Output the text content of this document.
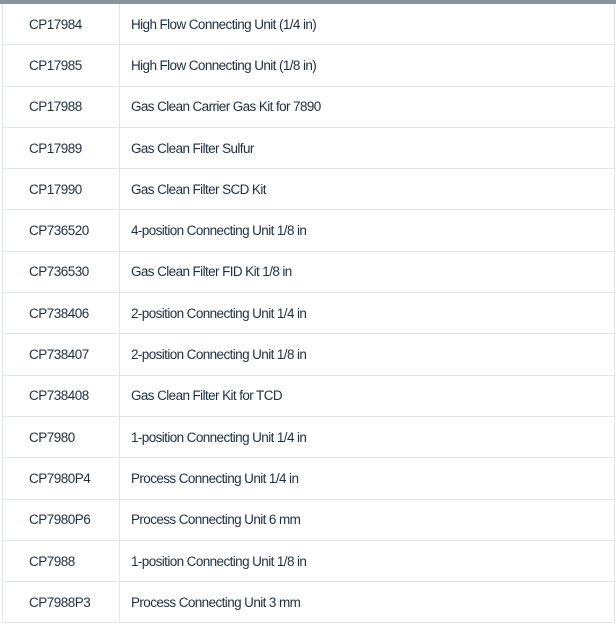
CP17984	High Flow Connecting Unit (1/4 in)
CP17985	High Flow Connecting Unit (1/8 in)
CP17988	Gas Clean Carrier Gas Kit for 7890
CP17989	Gas Clean Filter Sulfur
CP17990	Gas Clean Filter SCD Kit
CP736520	4-position Connecting Unit 1/8 in
CP736530	Gas Clean Filter FID Kit 1/8 in
CP738406	2-position Connecting Unit 1/4 in
CP738407	2-position Connecting Unit 1/8 in
CP738408	Gas Clean Filter Kit for TCD
CP7980	1-position Connecting Unit 1/4 in
CP7980P4	Process Connecting Unit 1/4 in
CP7980P6	Process Connecting Unit 6 mm
CP7988	1-position Connecting Unit 1/8 in
CP7988P3	Process Connecting Unit 3 mm
